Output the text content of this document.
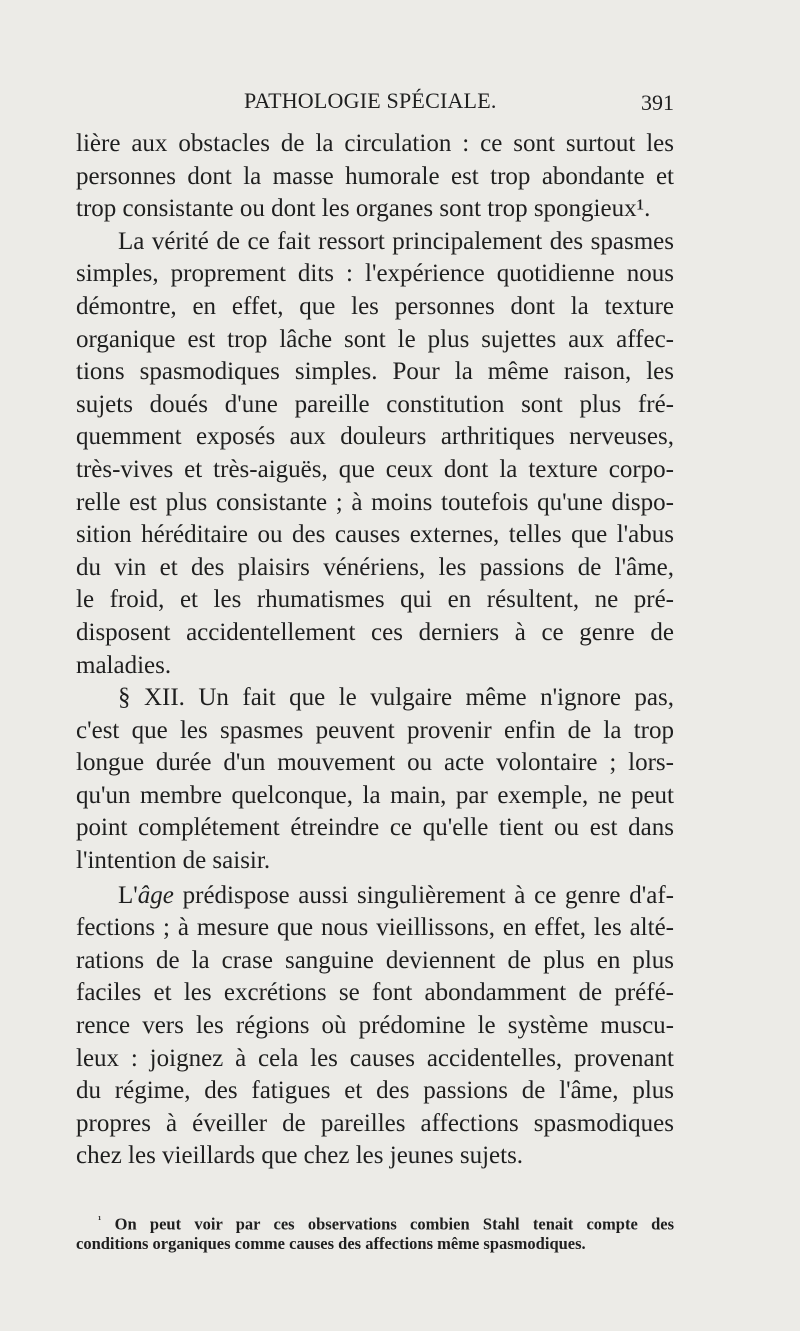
PATHOLOGIE SPÉCIALE.	391
lière aux obstacles de la circulation : ce sont surtout les
personnes dont la masse humorale est trop abondante et
trop consistante ou dont les organes sont trop spongieux¹.
La vérité de ce fait ressort principalement des spasmes
simples, proprement dits : l'expérience quotidienne nous
démontre, en effet, que les personnes dont la texture
organique est trop lâche sont le plus sujettes aux affec-
tions spasmodiques simples. Pour la même raison, les
sujets doués d'une pareille constitution sont plus fré-
quemment exposés aux douleurs arthritiques nerveuses,
très-vives et très-aiguës, que ceux dont la texture corpo-
relle est plus consistante ; à moins toutefois qu'une dispo-
sition héréditaire ou des causes externes, telles que l'abus
du vin et des plaisirs vénériens, les passions de l'âme,
le froid, et les rhumatismes qui en résultent, ne pré-
disposent accidentellement ces derniers à ce genre de
maladies.
§ XII. Un fait que le vulgaire même n'ignore pas,
c'est que les spasmes peuvent provenir enfin de la trop
longue durée d'un mouvement ou acte volontaire ; lors-
qu'un membre quelconque, la main, par exemple, ne peut
point complétement étreindre ce qu'elle tient ou est dans
l'intention de saisir.
L'âge prédispose aussi singulièrement à ce genre d'af-
fections ; à mesure que nous vieillissons, en effet, les alté-
rations de la crase sanguine deviennent de plus en plus
faciles et les excrétions se font abondamment de préfé-
rence vers les régions où prédomine le système muscu-
leux : joignez à cela les causes accidentelles, provenant
du régime, des fatigues et des passions de l'âme, plus
propres à éveiller de pareilles affections spasmodiques
chez les vieillards que chez les jeunes sujets.
$^{^1}$ On peut voir par ces observations combien Stahl tenait compte des
conditions organiques comme causes des affections même spasmodiques.
